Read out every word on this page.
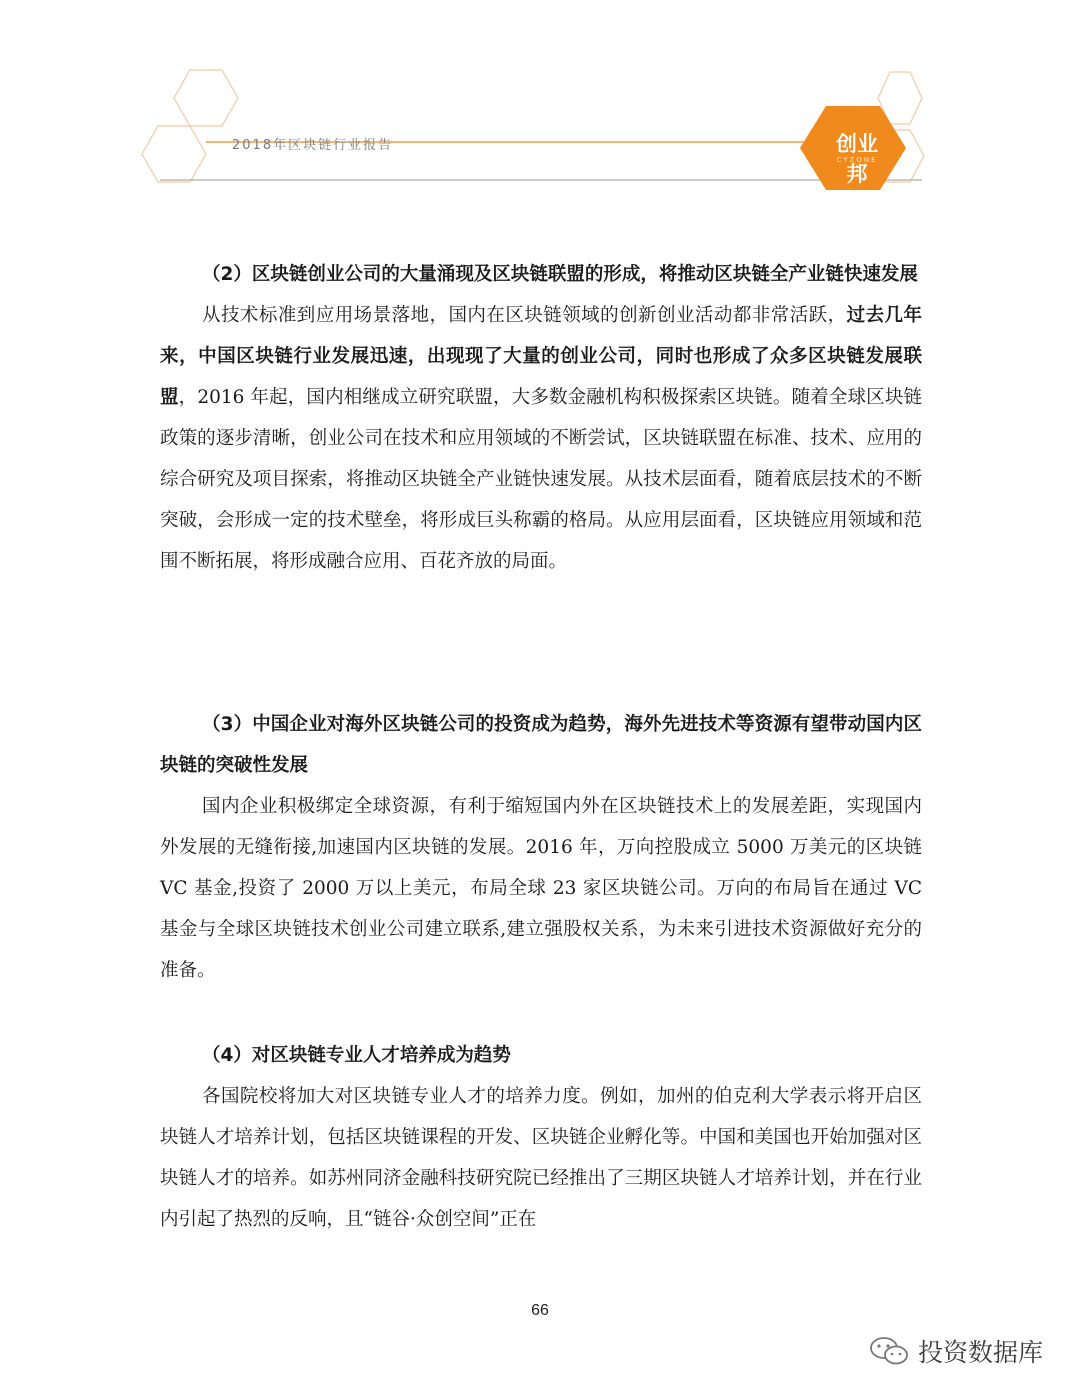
2018年区块链行业报告	创业邦
CYZONE

（2）区块链创业公司的大量涌现及区块链联盟的形成，将推动区块链全产业链快速发展

从技术标准到应用场景落地，国内在区块链领域的创新创业活动都非常活跃，过去几年来，中国区块链行业发展迅速，出现现了大量的创业公司，同时也形成了众多区块链发展联盟，2016 年起，国内相继成立研究联盟，大多数金融机构积极探索区块链。随着全球区块链政策的逐步清晰，创业公司在技术和应用领域的不断尝试，区块链联盟在标准、技术、应用的综合研究及项目探索，将推动区块链全产业链快速发展。从技术层面看，随着底层技术的不断突破，会形成一定的技术壁垒，将形成巨头称霸的格局。从应用层面看，区块链应用领域和范围不断拓展，将形成融合应用、百花齐放的局面。

（3）中国企业对海外区块链公司的投资成为趋势，海外先进技术等资源有望带动国内区块链的突破性发展

国内企业积极绑定全球资源，有利于缩短国内外在区块链技术上的发展差距，实现国内外发展的无缝衔接,加速国内区块链的发展。2016 年，万向控股成立 5000 万美元的区块链 VC 基金,投资了 2000 万以上美元，布局全球 23 家区块链公司。万向的布局旨在通过 VC 基金与全球区块链技术创业公司建立联系,建立强股权关系，为未来引进技术资源做好充分的准备。

（4）对区块链专业人才培养成为趋势

各国院校将加大对区块链专业人才的培养力度。例如，加州的伯克利大学表示将开启区块链人才培养计划，包括区块链课程的开发、区块链企业孵化等。中国和美国也开始加强对区块链人才的培养。如苏州同济金融科技研究院已经推出了三期区块链人才培养计划，并在行业内引起了热烈的反响，且“链谷·众创空间”正在

66
投资数据库
